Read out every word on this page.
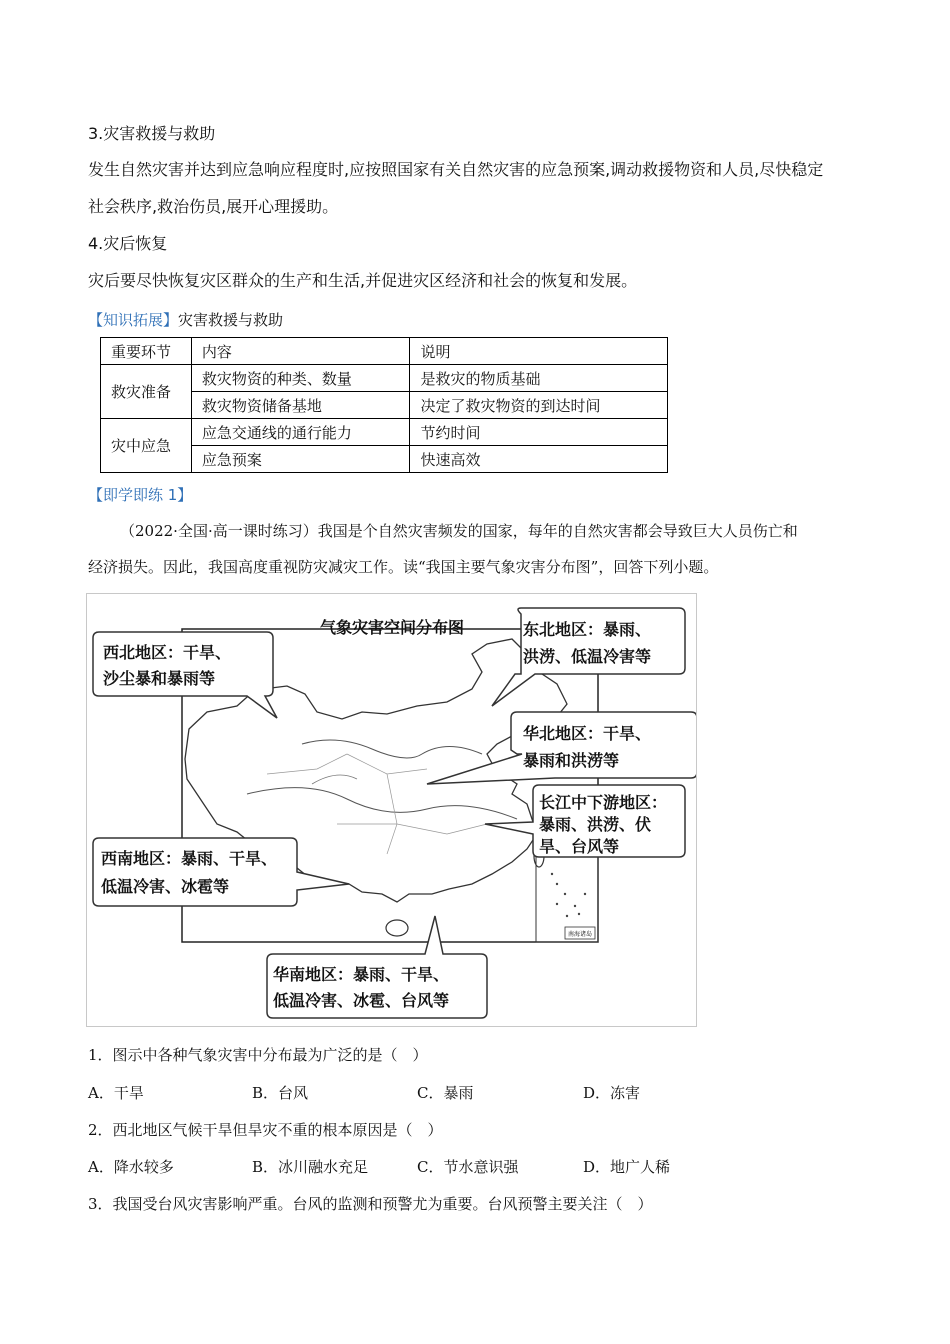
3.灾害救援与救助
发生自然灾害并达到应急响应程度时,应按照国家有关自然灾害的应急预案,调动救援物资和人员,尽快稳定
社会秩序,救治伤员,展开心理援助。
4.灾后恢复
灾后要尽快恢复灾区群众的生产和生活,并促进灾区经济和社会的恢复和发展。
【知识拓展】灾害救援与救助
重要环节	内容	说明
救灾准备	救灾物资的种类、数量	是救灾的物质基础
	救灾物资储备基地	决定了救灾物资的到达时间
灾中应急	应急交通线的通行能力	节约时间
	应急预案	快速高效
【即学即练 1】
（2022·全国·高一课时练习）我国是个自然灾害频发的国家，每年的自然灾害都会导致巨大人员伤亡和
经济损失。因此，我国高度重视防灾减灾工作。读“我国主要气象灾害分布图”，回答下列小题。
南海诸岛
气象灾害空间分布图
西北地区：干旱、
沙尘暴和暴雨等
东北地区：暴雨、
洪涝、低温冷害等
华北地区：干旱、
暴雨和洪涝等
长江中下游地区：
暴雨、洪涝、伏
旱、台风等
西南地区：暴雨、干旱、
低温冷害、冰雹等
华南地区：暴雨、干旱、
低温冷害、冰雹、台风等
1．图示中各种气象灾害中分布最为广泛的是（　）
A．干旱	B．台风	C．暴雨	D．冻害
2．西北地区气候干旱但旱灾不重的根本原因是（　）
A．降水较多	B．冰川融水充足	C．节水意识强	D．地广人稀
3．我国受台风灾害影响严重。台风的监测和预警尤为重要。台风预警主要关注（　）
